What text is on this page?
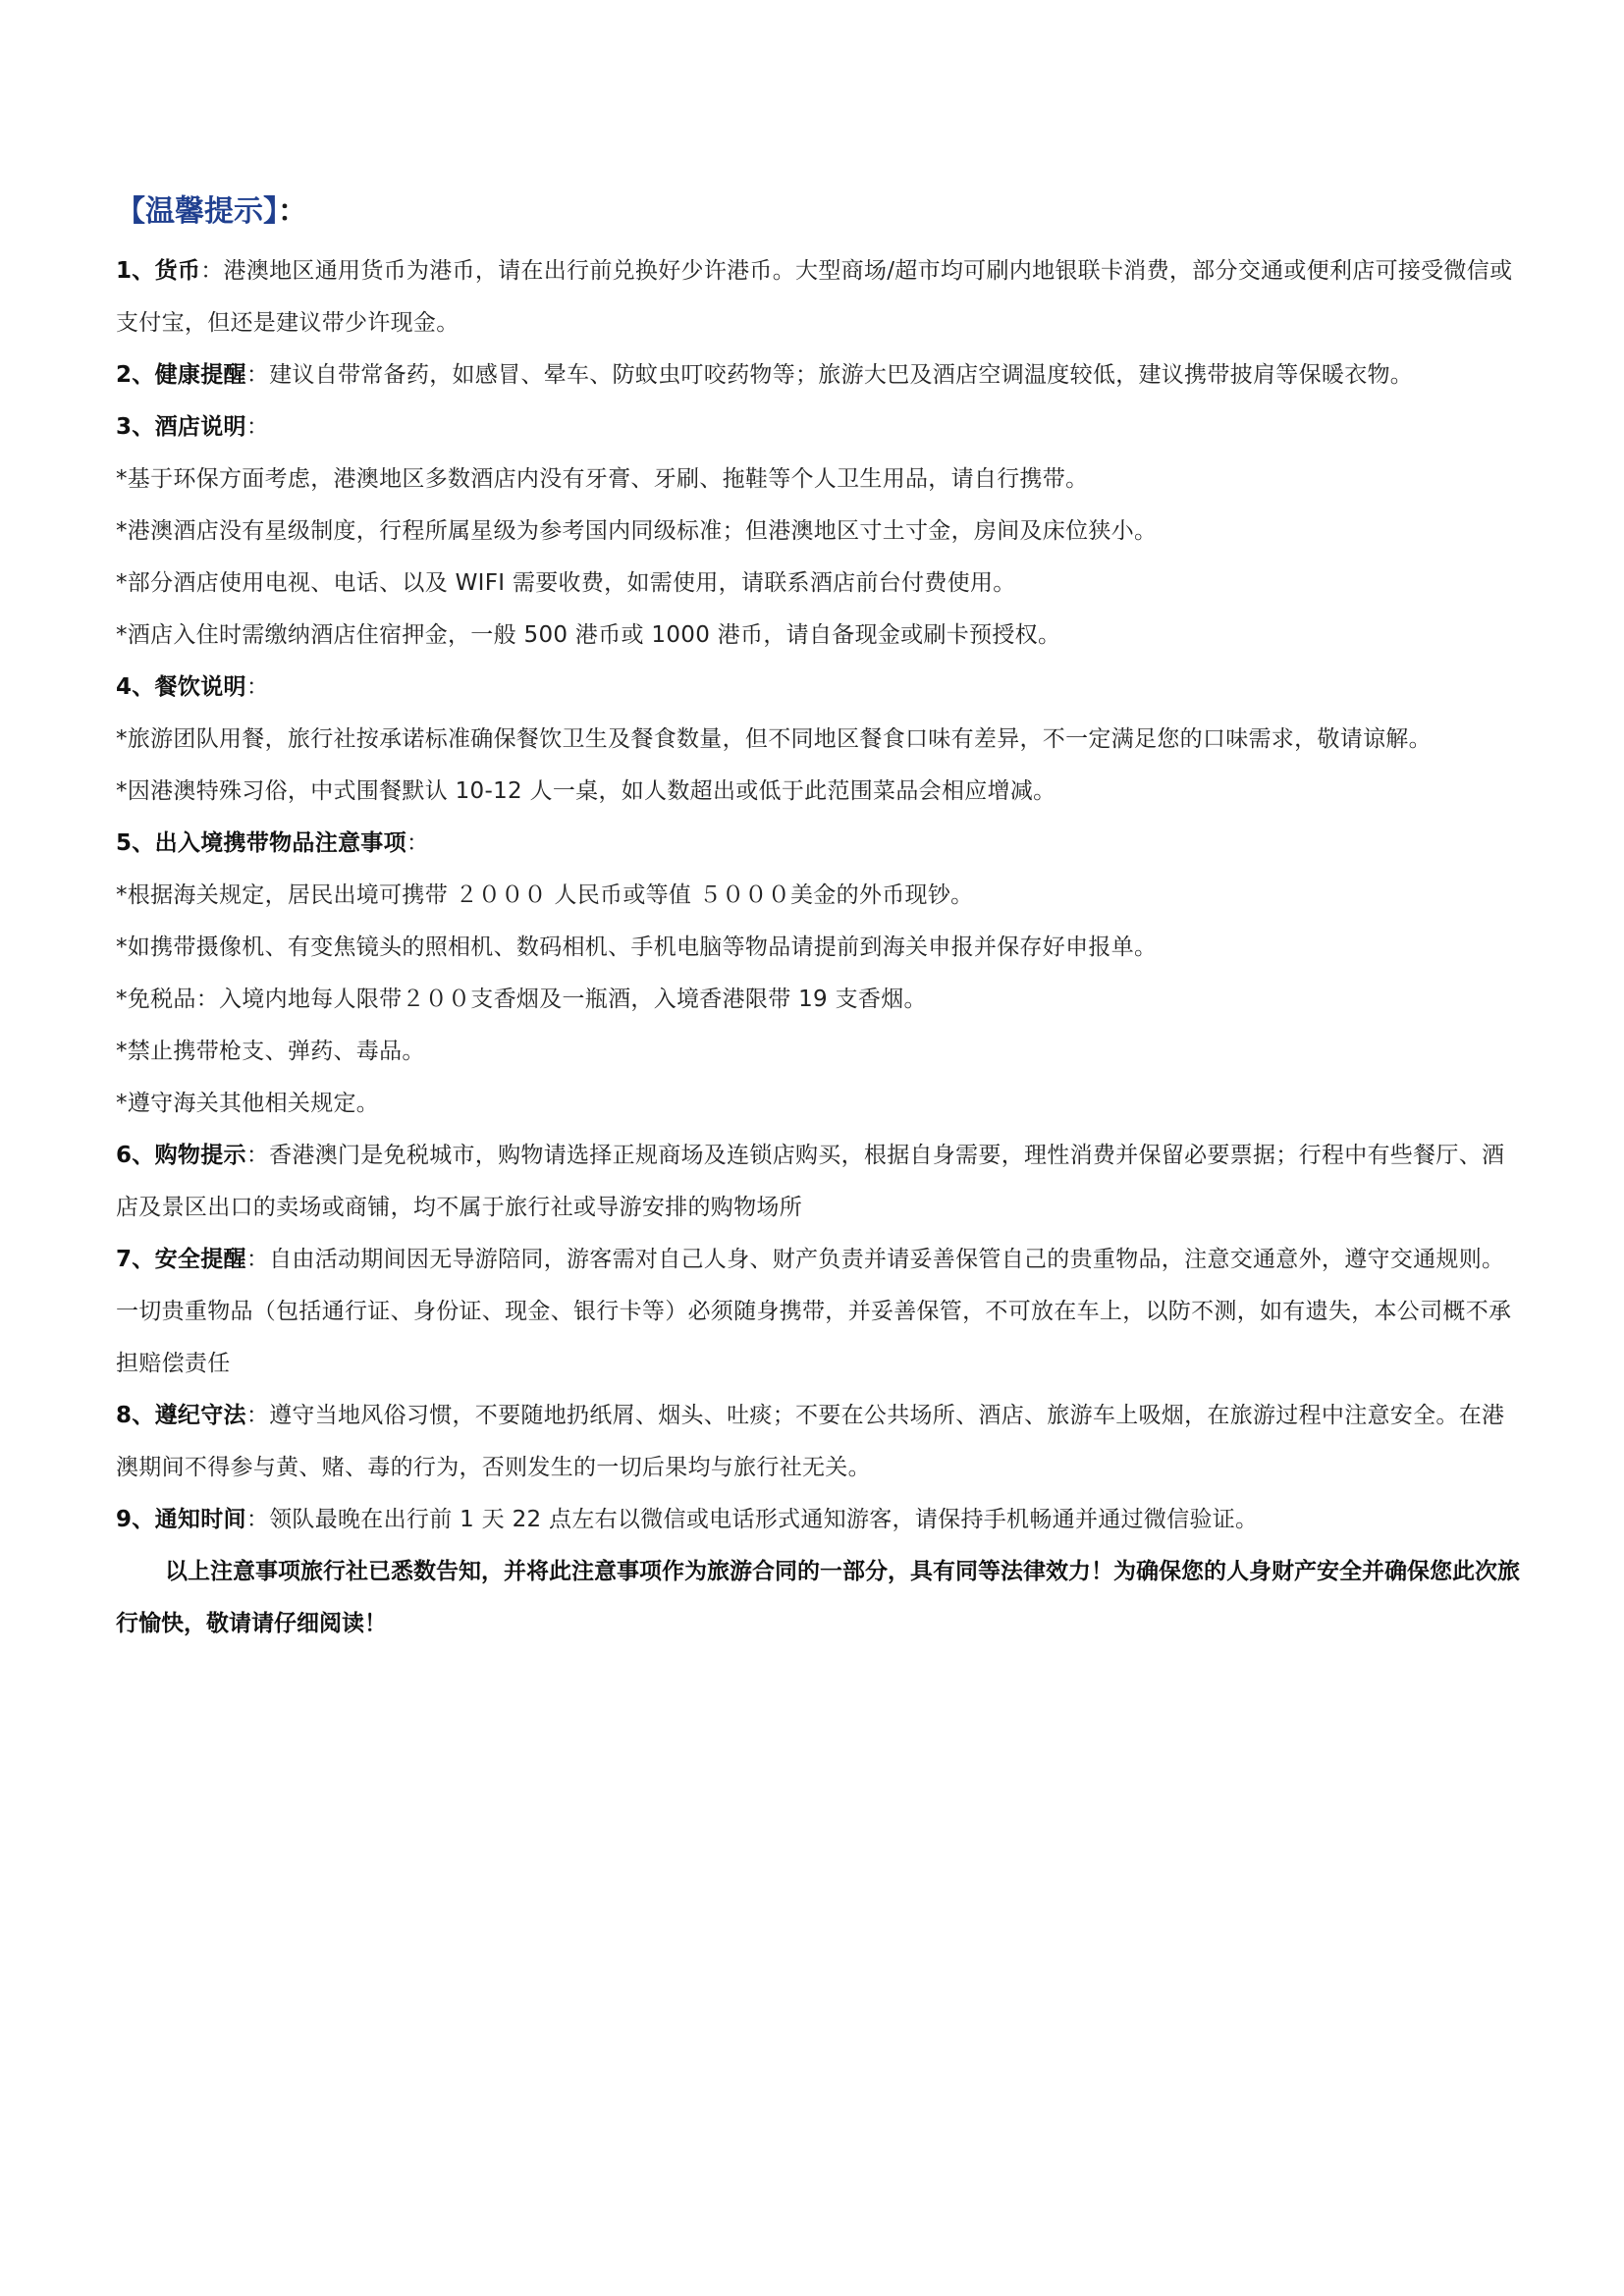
【温馨提示】：
1、货币：港澳地区通用货币为港币，请在出行前兑换好少许港币。大型商场/超市均可刷内地银联卡消费，部分交通或便利店可接受微信或支付宝，但还是建议带少许现金。
2、健康提醒：建议自带常备药，如感冒、晕车、防蚊虫叮咬药物等；旅游大巴及酒店空调温度较低，建议携带披肩等保暖衣物。
3、酒店说明：
*基于环保方面考虑，港澳地区多数酒店内没有牙膏、牙刷、拖鞋等个人卫生用品，请自行携带。
*港澳酒店没有星级制度，行程所属星级为参考国内同级标准；但港澳地区寸土寸金，房间及床位狭小。
*部分酒店使用电视、电话、以及 WIFI 需要收费，如需使用，请联系酒店前台付费使用。
*酒店入住时需缴纳酒店住宿押金，一般 500 港币或 1000 港币，请自备现金或刷卡预授权。
4、餐饮说明：
*旅游团队用餐，旅行社按承诺标准确保餐饮卫生及餐食数量，但不同地区餐食口味有差异，不一定满足您的口味需求，敬请谅解。
*因港澳特殊习俗，中式围餐默认 10-12 人一桌，如人数超出或低于此范围菜品会相应增减。
5、出入境携带物品注意事项：
*根据海关规定，居民出境可携带 ２０００ 人民币或等值 ５０００美金的外币现钞。
*如携带摄像机、有变焦镜头的照相机、数码相机、手机电脑等物品请提前到海关申报并保存好申报单。
*免税品：入境内地每人限带２００支香烟及一瓶酒，入境香港限带 19 支香烟。
*禁止携带枪支、弹药、毒品。
*遵守海关其他相关规定。
6、购物提示：香港澳门是免税城市，购物请选择正规商场及连锁店购买，根据自身需要，理性消费并保留必要票据；行程中有些餐厅、酒店及景区出口的卖场或商铺，均不属于旅行社或导游安排的购物场所
7、安全提醒：自由活动期间因无导游陪同，游客需对自己人身、财产负责并请妥善保管自己的贵重物品，注意交通意外，遵守交通规则。一切贵重物品（包括通行证、身份证、现金、银行卡等）必须随身携带，并妥善保管，不可放在车上，以防不测，如有遗失，本公司概不承担赔偿责任
8、遵纪守法：遵守当地风俗习惯，不要随地扔纸屑、烟头、吐痰；不要在公共场所、酒店、旅游车上吸烟，在旅游过程中注意安全。在港澳期间不得参与黄、赌、毒的行为，否则发生的一切后果均与旅行社无关。
9、通知时间：领队最晚在出行前 1 天 22 点左右以微信或电话形式通知游客，请保持手机畅通并通过微信验证。
以上注意事项旅行社已悉数告知，并将此注意事项作为旅游合同的一部分，具有同等法律效力！为确保您的人身财产安全并确保您此次旅行愉快，敬请请仔细阅读！
